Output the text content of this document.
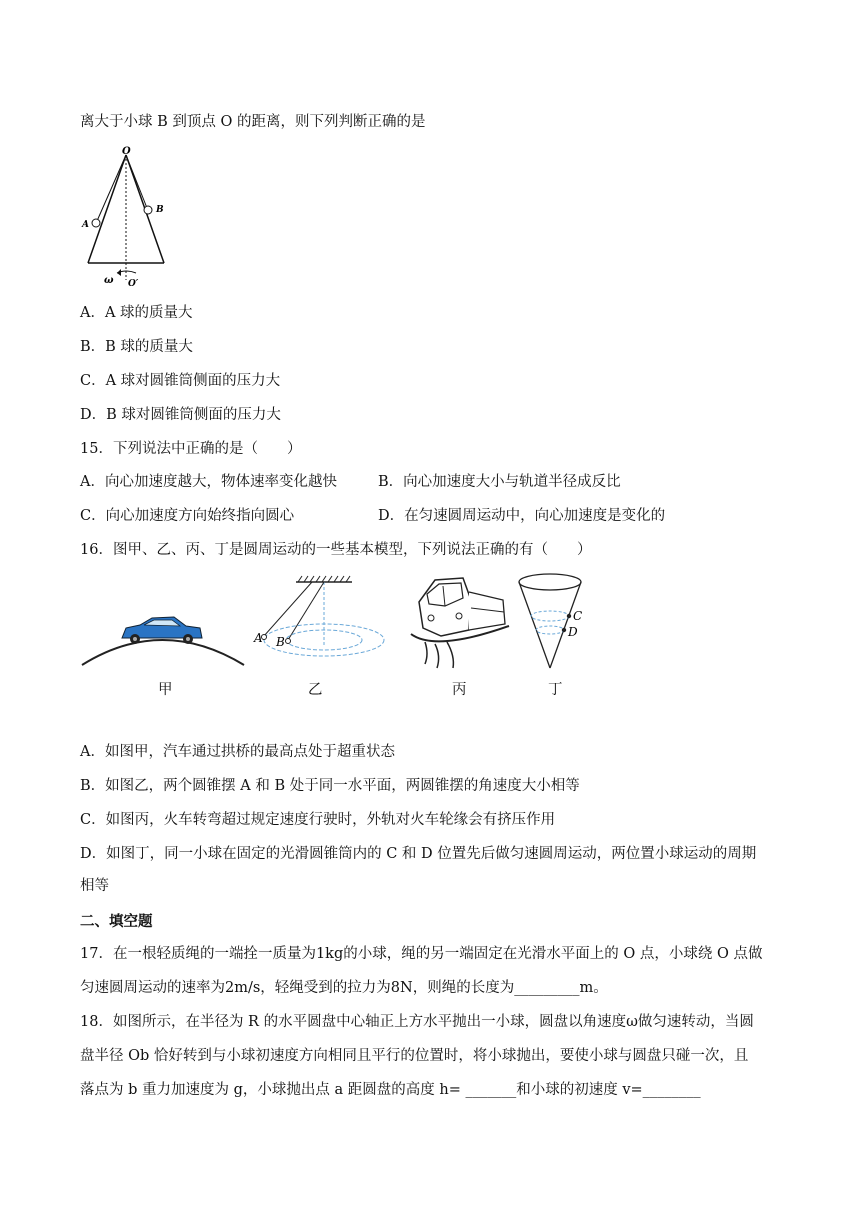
离大于小球 B 到顶点 O 的距离，则下列判断正确的是
O
A
B
ω O′
A．A 球的质量大
B．B 球的质量大
C．A 球对圆锥筒侧面的压力大
D．B 球对圆锥筒侧面的压力大
15．下列说法中正确的是（　　）
A．向心加速度越大，物体速率变化越快	B．向心加速度大小与轨道半径成反比
C．向心加速度方向始终指向圆心	D．在匀速圆周运动中，向心加速度是变化的
16．图甲、乙、丙、丁是圆周运动的一些基本模型，下列说法正确的有（　　）
A B
C
D
甲	乙	丙	丁
A．如图甲，汽车通过拱桥的最高点处于超重状态
B．如图乙，两个圆锥摆 A 和 B 处于同一水平面，两圆锥摆的角速度大小相等
C．如图丙，火车转弯超过规定速度行驶时，外轨对火车轮缘会有挤压作用
D．如图丁，同一小球在固定的光滑圆锥筒内的 C 和 D 位置先后做匀速圆周运动，两位置小球运动的周期
相等
二、填空题
17．在一根轻质绳的一端拴一质量为1kg的小球，绳的另一端固定在光滑水平面上的 O 点，小球绕 O 点做
匀速圆周运动的速率为2m/s，轻绳受到的拉力为8N，则绳的长度为_________m。
18．如图所示，在半径为 R 的水平圆盘中心轴正上方水平抛出一小球，圆盘以角速度ω做匀速转动，当圆
盘半径 Ob 恰好转到与小球初速度方向相同且平行的位置时，将小球抛出，要使小球与圆盘只碰一次，且
落点为 b 重力加速度为 g，小球抛出点 a 距圆盘的高度 h= _______和小球的初速度 v=________
